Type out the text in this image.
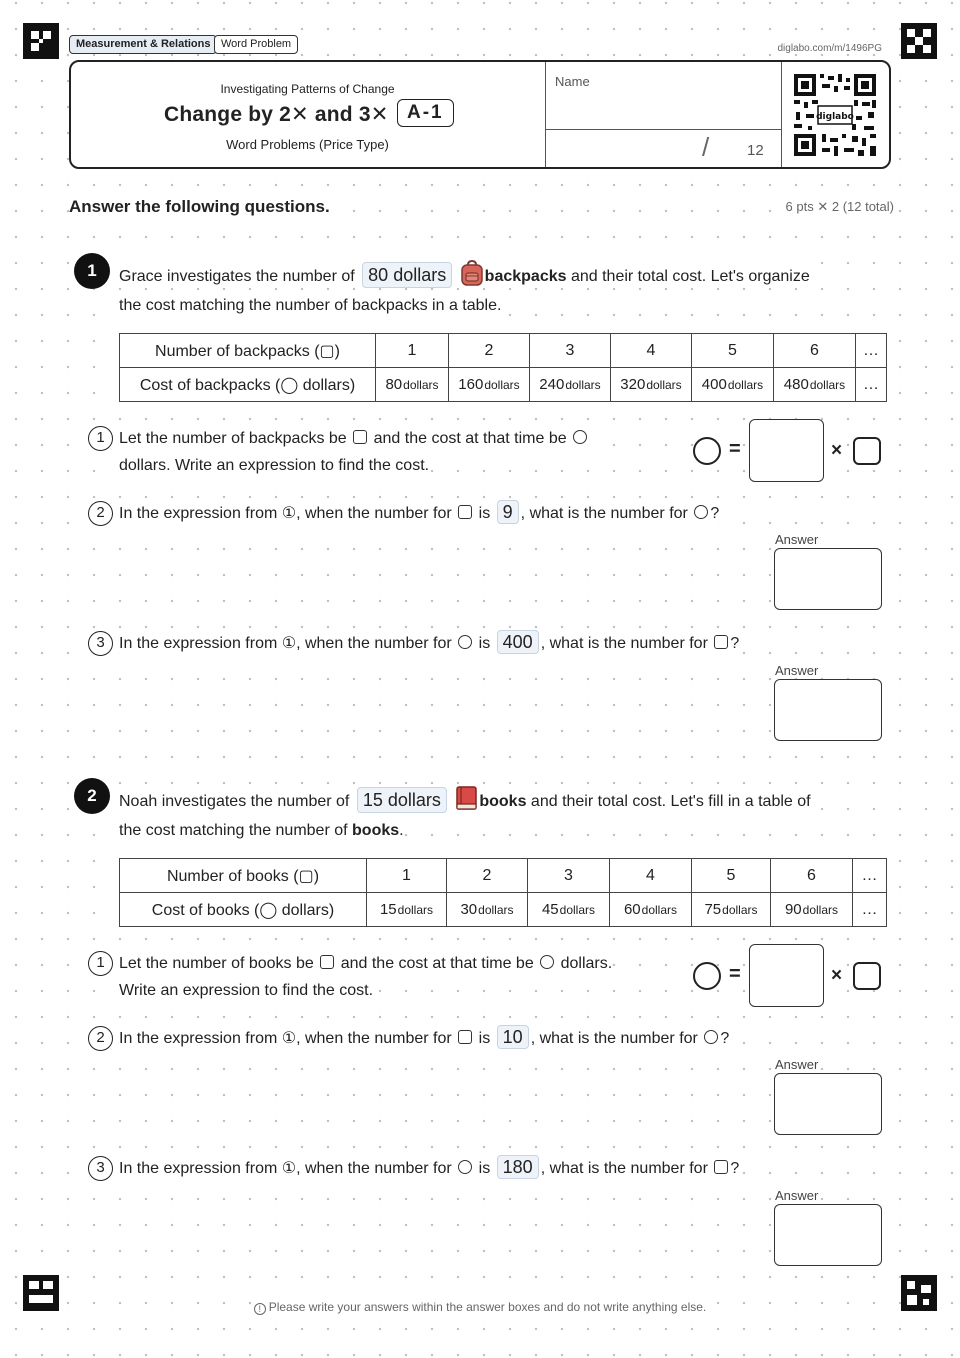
Measurement & Relations Word Problem	diglabo.com/m/1496PG
Investigating Patterns of Change
Change by 2✕ and 3✕ A-1
Word Problems (Price Type)
Name
/	12
diglabo
Answer the following questions.	6 pts ✕ 2 (12 total)
1	Grace investigates the number of 80 dollars backpacks and their total cost. Let's organize
the cost matching the number of backpacks in a table.
Number of backpacks (▢)	1	2	3	4	5	6	…
Cost of backpacks (◯ dollars)	80dollars	160dollars	240dollars	320dollars	400dollars	480dollars	…
1 Let the number of backpacks be and the cost at that time be
dollars. Write an expression to find the cost.
=	×
2 In the expression from ①, when the number for is 9 , what is the number for ?
Answer
3 In the expression from ①, when the number for is 400 , what is the number for ?
Answer
2	Noah investigates the number of 15 dollars books and their total cost. Let's fill in a table of
the cost matching the number of books.
Number of books (▢)	1	2	3	4	5	6	…
Cost of books (◯ dollars)	15dollars	30dollars	45dollars	60dollars	75dollars	90dollars	…
1 Let the number of books be and the cost at that time be dollars.
Write an expression to find the cost.
=	×
2 In the expression from ①, when the number for is 10 , what is the number for ?
Answer
3 In the expression from ①, when the number for is 180 , what is the number for ?
Answer
! Please write your answers within the answer boxes and do not write anything else.
